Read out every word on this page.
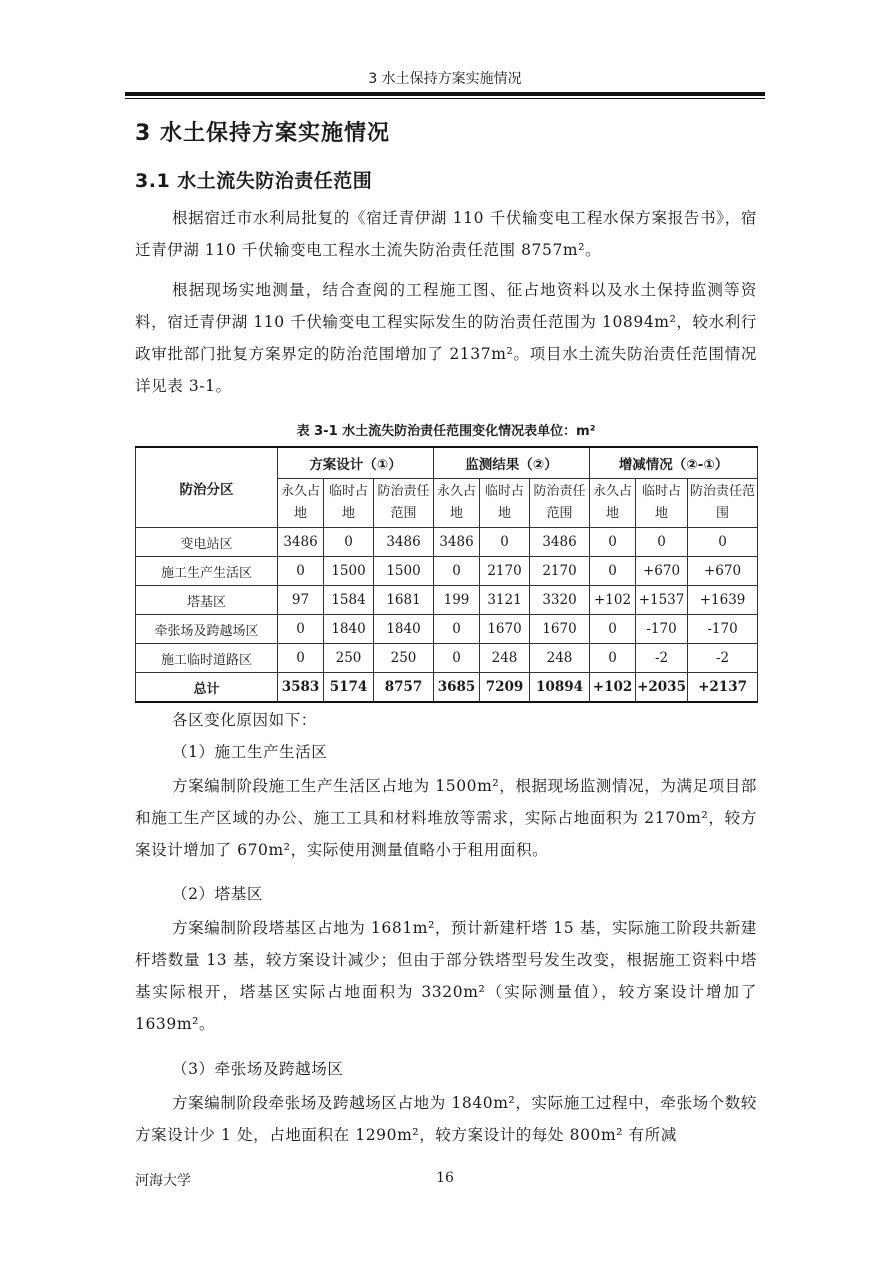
3 水土保持方案实施情况
3 水土保持方案实施情况
3.1 水土流失防治责任范围
根据宿迁市水利局批复的《宿迁青伊湖 110 千伏输变电工程水保方案报告书》，宿迁青伊湖 110 千伏输变电工程水土流失防治责任范围 8757m²。
根据现场实地测量，结合查阅的工程施工图、征占地资料以及水土保持监测等资料，宿迁青伊湖 110 千伏输变电工程实际发生的防治责任范围为 10894m²，较水利行政审批部门批复方案界定的防治范围增加了 2137m²。项目水土流失防治责任范围情况详见表 3-1。
表 3-1 水土流失防治责任范围变化情况表单位：m²
防治分区	方案设计（①）			监测结果（②）			增减情况（②-①）		
	永久占地	临时占地	防治责任范围	永久占地	临时占地	防治责任范围	永久占地	临时占地	防治责任范围
变电站区	3486	0	3486	3486	0	3486	0	0	0
施工生产生活区	0	1500	1500	0	2170	2170	0	+670	+670
塔基区	97	1584	1681	199	3121	3320	+102	+1537	+1639
牵张场及跨越场区	0	1840	1840	0	1670	1670	0	-170	-170
施工临时道路区	0	250	250	0	248	248	0	-2	-2
总计	3583	5174	8757	3685	7209	10894	+102	+2035	+2137
各区变化原因如下：
（1）施工生产生活区
方案编制阶段施工生产生活区占地为 1500m²，根据现场监测情况，为满足项目部和施工生产区域的办公、施工工具和材料堆放等需求，实际占地面积为 2170m²，较方案设计增加了 670m²，实际使用测量值略小于租用面积。
（2）塔基区
方案编制阶段塔基区占地为 1681m²，预计新建杆塔 15 基，实际施工阶段共新建杆塔数量 13 基，较方案设计减少；但由于部分铁塔型号发生改变，根据施工资料中塔基实际根开，塔基区实际占地面积为 3320m²（实际测量值），较方案设计增加了 1639m²。
（3）牵张场及跨越场区
方案编制阶段牵张场及跨越场区占地为 1840m²，实际施工过程中，牵张场个数较方案设计少 1 处，占地面积在 1290m²，较方案设计的每处 800m² 有所减
河海大学	16
